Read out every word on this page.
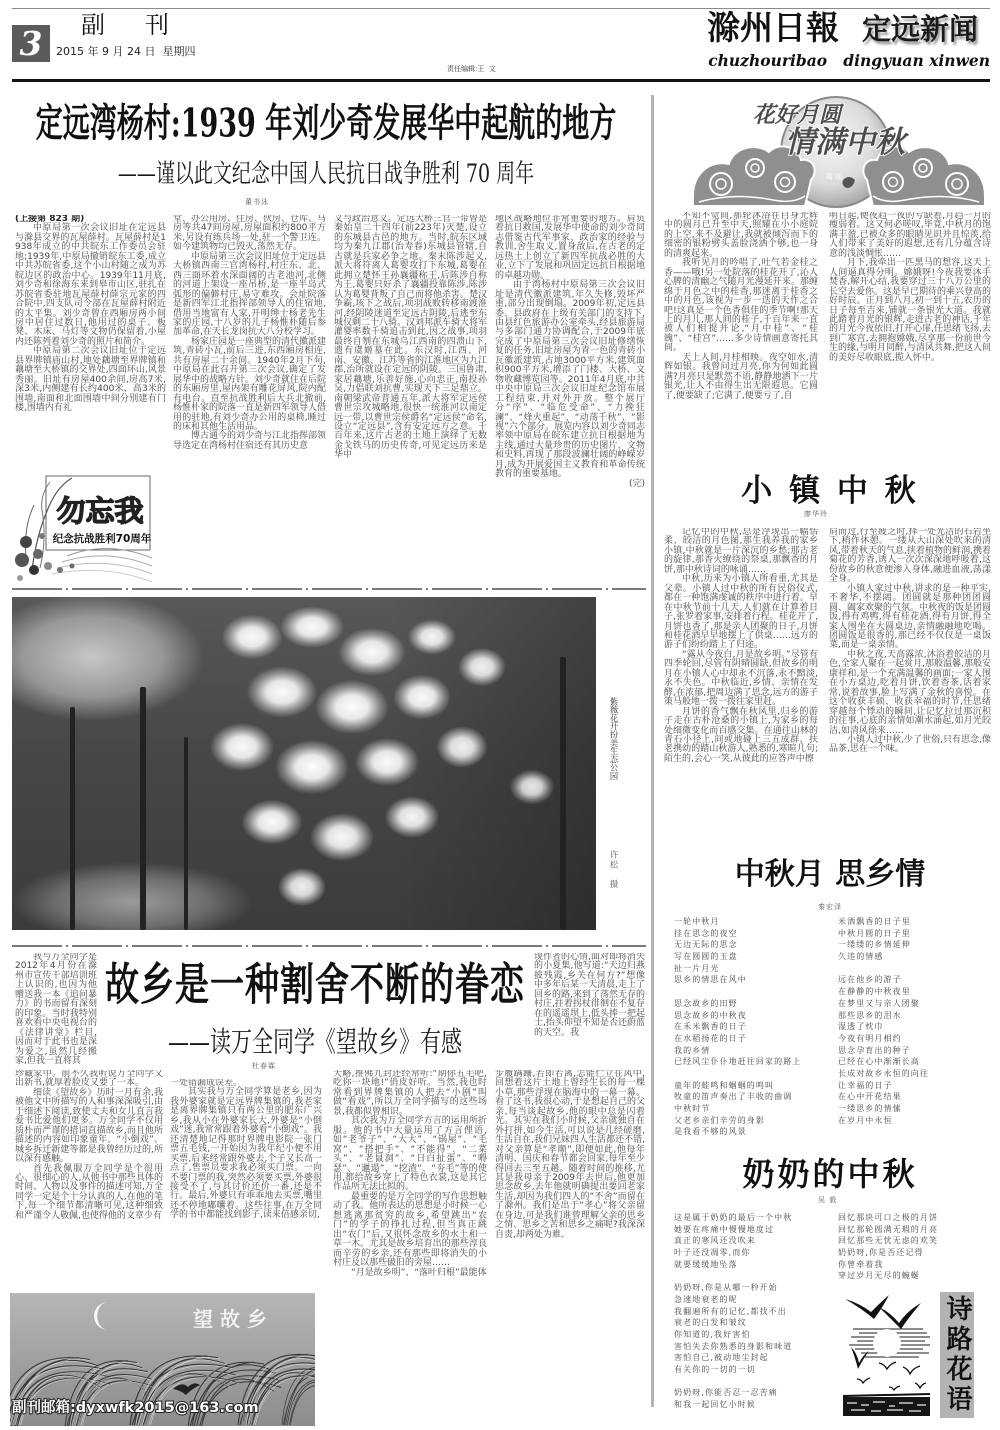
3	副刊
2015 年 9 月 24 日  星期四
责任编辑:王  文
滁州日報 定远新闻
chuzhouribao   dingyuan xinwen
定远湾杨村:1939 年刘少奇发展华中起航的地方
——谨以此文纪念中国人民抗日战争胜利 70 周年
董书泳
(上接第 823 期)

中原局第一次会议旧址在定远县与滁县交界的瓦屋薛村。瓦屋薛村是1938年成立的中共皖东工作委员会驻地;1939年,中原局撤销皖东工委,成立中共苏皖省委,这个小山村随之成为苏皖边区的政治中心。1939年11月底,刘少奇和徐海东来到皋市山区,驻扎在苏皖省委驻地瓦屋薛村薛宗元家的四合院中,四支队司令部在瓦屋薛村附近的太平集。刘少奇曾在西厢房两小间房中居住过数日,他用过的桌子、板凳、木床、马灯等文物仍保留着,小屋内还陈列着刘少奇的照片和简介。

中原局第二次会议旧址位于定远县界牌镇庙山村,地处藕塘至界牌镇和藕塘至大桥镇的交界处,四面环山,风景秀丽。旧址有房屋400余间,房高7米,深3米,内侧建有长约400米、高3米的围墙,南面和北面围墙中间分别建有门楼,围墙内有礼

堂、办公用房、住房、伙房、仓库、马房等共47间房屋,房屋面积约800平方米,另设有练兵场一处,驻一个警卫连。如今建筑物均已毁灭,荡然无存。

中原局第三次会议旧址位于定远县大桥镇西南三官湾杨村,村庄东、北、西三面环着水深面阔的古老池河,北侧的河道上架设一座吊桥,是一座半岛式弧形的偏僻村庄,易守难攻。会址院落是新四军江北指挥部领导人的住宿地,借用当地富有人家,开明绅士杨老先生家的庄园,十八岁的儿子杨惟朴随后参加革命,在天长龙岗抗大八分校学习。

杨家庄园是一座典型的清代徽派建筑,青砖小瓦,前后三进,东西厢房相连,共有房屋二十余间。1940年2月下旬,中原局在此召开第三次会议,确定了发展华中的战略方针。刘少奇就住在后院的东厢房里,屋内架有雕花屏风,院内配有电台。直至抗战胜利后大兵北撤前,杨惟朴家的院落一直是新四军领导人借用的驻地,有刘少奇办公用的桌椅,睡过的床和其他生活用品。

博古通今的刘少奇与江北指挥部领导选定在湾杨村住宿还有其历史意

义与政治意义。定远大桥三官一带曾是秦始皇二十四年(前223年)灭楚,设立的东城县古邑的地方。当时,皖东区域均为秦九江郡(治寿春)东城县管辖,自古就是兵家必争之地。秦末陈涉起义,派大将符离人葛婴攻打下东城,葛婴在此拥立楚怀王孙襄疆称王,后陈涉自称为王,葛婴只好杀了襄疆投靠陈涉,陈涉认为葛婴背叛了自己而将他杀害。楚汉争霸,垓下之战后,项羽战败转移南渡淮河,经阴陵迷道至定远古阴陵,后逃至东城仅剩二十八骑。汉刘邦派车骑大将军灌婴率数千骑追击到此,因之战事,项羽最终自刎在东城乌江西南的四溃山下,遗有虞姬墓在此。东汉时,江西、河南、安徽、江苏等省的江淮地区为九江郡,治所就设在定远的阴陵。三国鲁肃,家居藕塘,乐善好施,心向忠正,南投孙吴,力倡联刘抗曹,实现天下三足鼎立。南朝梁武帝普通五年,派大将军定远侯曹世宗攻城略地,很快一统淮河以南定远一带,以曹世宗侯爵名“定远侯”命名,设立“定远县”,含有安定远方之意。千百年来,这片古老的土地上演绎了无数金戈铁马的历史传奇,可见定远历来是华中

地区战略地位非常重要的地方。肩负着抗日救国,发展华中使命的刘少奇同志借鉴古代军事家、政治家的经验与教训,舍生取义,置身敌后,在古老的定远热土上创立了新四军抗战必胜的大业,立下了发展和巩固定远抗日根据地的卓越功勋。

由于湾杨村中原局第三次会议旧址是清代徽派建筑,年久失修,毁坏严重,部分出现倒塌。2009年初,定远县委、县政府在上级有关部门的支持下,由县红色旅游办公室牵头,经县旅游局与多部门通力协调配合,于2009年底完成了中原局第三次会议旧址修缮恢复的任务,旧址房屋为青一色的青砖小瓦徽派建筑,占地3000平方米,建筑面积900平方米,增添了门楼、大桥、文物收藏博览园等。2011年4月底,中共中央中原局三次会议旧址纪念馆布展工程结束,并对外开放。整个展厅分“序”、“临危受命”、“力挽狂澜”、“烽火重起”、“动荡千秋”、“影视”六个部分。展览内容以刘少奇同志率领中原局在皖东建立抗日根据地为主线,通过大量珍贵的历史图片、文物和史料,再现了那段波澜壮阔的峥嵘岁月,成为开展爱国主义教育和革命传统教育的重要基地。

(完)
勿忘我
纪念抗战胜利70周年
紫薇花开扮美生态公园
许松  摄

我与万全同学是2012年4月份在滁州市宣传干部培训班上认识的,也因为他赠送我一本《追问暴力》的书而留有深刻的印象。当时我特别喜欢看中央电视台的《法律讲堂》栏目,因而对于此书也是深为爱之,虽然几经搬家,但我一直将其

故乡是一种割舍不断的眷恋
——读万全同学《望故乡》有感
杜春霖

现作者的心情,面对即将消失的小夏集,他写道:“天边归燕披残霞,乡关在何方?”想像中多年后某一天清晨,走上了回乡的路,来到了荡然无存的村庄,拄着拐杖徘徊在不复存在的遥遥坝上,低头捧一把起土,抬头仰望不知是否还蔚蓝的天空。我

珍藏家中。前不久我听说万全同学又出新书,就厚着脸皮又要了一本。

细读《望故乡》历时一月有余,我被他文中所描写的人和事深深吸引,由于细述下阅读,致使丈夫和女儿直言我爱书比爱他们更多。万全同学不仅用质朴而严谨的措词直描故乡,而且他所描述的内容如印象童年、“小倒戏”、城乡拆迁新建等都是我曾经历过的,所以深有感触。

首先我佩服万全同学是个很用心、很细心的人,从他书中那些具体的时间、人物以及事件的描述可知,万全同学一定是个十分认真的人,在他的笔下,每一个细节都清晰可见,这种细致和严谨令人敬佩,也使得他的文章少有

一处错漏成误差。

其实我与万全同学算是老乡,因为我外婆家就是定远界牌集镇的,我老家是离界牌集镇只有两公里的肥东广兴乡,我从小在外婆家长大,外婆是“小倒戏”迷,我常常跟着外婆看“小倒戏”。我还清楚地记得那时界牌电影院一张门票五毛钱,一开始因为我年纪小便不用买票,后来经常跟外婆去,个子又长高一点了,售票员要求我必须买门票。一向不要门票的我,突然必须要买票,外婆很接受不了,与其讨价还价一番,还是不行。最后,外婆只有乖乖地去买票,嘴里还不停地嘟囔着。这些往事,在万全同学的书中都能找到影子,读来倍感亲切,

天略,推佛九封还经常听:“期你五毛吧,吃你一块地!”俏皮好听。当然,我也时常看到界牌集镇的人把去“小剧”叫做“看戏”,所以万全同学描写的这些场景,我都似曾相识。

其次我为万全同学方言的运用所折服。他的书中大量运用了方言俚语,如“老爷子”、“大大”、“锅屋”、“毛窝”、“搭把手”、“不能得”、“二菜头”、“老鼠洞”、“日白扯蛋”、“嘚瑟”、“邋遢”、“挖渣”、“夯毛”等的使用,都给故乡穿上了特色衣裳,这是其它作品所无法比拟的。

最重要的是万全同学的写作思想触动了我。他所表达的思想是小时候一心想逃离那贫穷的故乡,希望跳出“农门”的学子的挣扎过程,但当真正跳出“农门”后,又很怀念故乡的水土和一草一木。尤其是故乡培育出的那些淳良而辛劳的乡亲,还有那些即将消失的小村庄及以那些破旧的旁屋……

“月是故乡明”、“落叶归根”最能体

步履蹒跚,若即若离,怎能伫立在风中,回想着这片土地上曾经生长的每一棵小草,那些浮现在脑海中的一幕一幕。看了这书,我很心动,于是想起自己的父亲,每当谈起故乡,他的眼中总是闪着光。其实在我们小时候,父亲就独自在外打拼,如今生活,可以说是几经磋磨,生活自在,我们兄妹四人生活都还不错,对父亲算是“孝顺”,即便如此,他每年清明、国庆和春节都会回家,每年至少得回去三至五趟。随着时间的推移,尤其是我母亲于2009年去世后,他更加思念故乡,去年他就明确提出要回老家生活,却因为我们四人的“不舍”而留在了滁州。我们是出于“孝心”将父亲留在身边,可是我们谁曾理解父亲的思乡之情、思乡之苦和思乡之痛呢?我深深自责,却两处为难。

望 故 乡
副刊邮箱:dyxwfk2015@163.com
花好月圆
情满中秋
周 瑶

不知不觉间,那轮沐浴在自身光辉中的圆月已升至中天,照耀在小小庭院的上空,来不及避让,我就被倾泻而下的细密的银粉劈头盖脸浇洒个够,也一身的清爽起来。

我听见月的吟唱了,吐气若金桂之香——哦!另一处院落的桂花开了,沁人心脾的清幽之气随月光漫延开来。那缠绵于月色之中的桂香,那迷离于桂香之中的月色,该视为一步一迭的天作之合吧!这真是一个色香俱佳的季节啊!那天上的月儿,那人间的桂子,千百年来一直被人们相提并论,“月中桂”、“桂魄”、“桂宫”……多少诗情画意寄托其间。

天上人间,月桂相映。夜空如水,清辉如银。我曾问过月亮,你为何如此圆满?月亮只是默然不语,静静地洒下一片银光,让人不由得生出无限遐思。它圆了,便要缺了;它满了,便要亏了,自

明日起,便夜趋一夜的亏缺着,月趋一月的瘦弱着。这又何必嗟叹,毕竟,中秋月的饱满丰盈,已被众多的眼睛见识并且惊羡,给人们带来了美好的遐想,还有几分蕴含诗意的浅淡惆怅……

月下,我牵出一匹黑马的想容,这天上人间逼真得分明。嫦娥呀!今夜我要沐手焚香,解开心结,我要穿过三十八万公里的长空去爱你。这是早已期待的乘兴登高的好时辰。正月到八月,初一到十五,农历的日子每至吉来,铺就一条银光大道。我就此踏着月光的银辉,走进古老的神话,千年的月光今夜依旧,打开心扉,任思绪飞扬,去到广寒宫,去拥抱嫦娥,尽享那一份前世今生的缘,与明月同醉,与清风共舞,把这人间的美好尽收眼底,揽入怀中。

小 镇 中 秋
廖华玲

记忆中的中秋,总是浮现出一幅恬柔、皎洁的月色图,那生我养我的家乡小镇,中秋就是一片深沉的乡愁;那古老的旋律,那香火缭绕的祭桌,那飘香的月饼,那中秋诗词的咏诵……

中秋,历来为小镇人所看重,尤其是父辈。小镇人过中秋的所有民俗仪式,都在一种饱满虔诚的秩序中进行着。早在中秋节前十几天,人们就在计算着日子,张罗着家事,安排着行程。桂花开了,月饼也香了,那是亲人团聚的日子,月饼和桂花酒早早地摆上了供桌……远方的游子们纷纷踏上了归途。

“露从今夜白,月是故乡明。”尽管有四季轮回,尽管有阴晴圆缺,但故乡的明月在小镇人心中却永不沉落,永不黯淡,永不失色。中秋临近,乡情、亲情在发酵,在浓郁,把周边满了思念,远方的游子策马般地一拨一拨往家里赶。

月饼的香气飘在秋风里,归乡的游子走在古朴沧桑的小镇上,为家乡的每处细微变化而百感交集。在通往山林的青石小径上,间或地碰上三五成群、扶老携幼的踏山秋游人,熟悉的,寒暄几句;陌生的,会心一笑,从彼此的应答声中擦

肩而过,行至疲乏时,择一处光洁的石岩坐下,稍作休憩。一缕从大山深处吹来的清风,带着秋天的气息,挟着植物的鲜润,携着菊花的芳香,诱人一次次深深地呼吸着,这份故乡的秋意便渗入身体,融进血液,荡漾全身。

小镇人家过中秋,讲求的是一种平实,不奢华,不摆阔。团圆就是那种团团圆圆、阖家欢聚的气氛。中秋夜的饭是团圆饭,得有鸡鸭,得有桂花酒,得有月饼,得全家人围坐在大圆桌边,亲情融融地吃喝。团圆饭是很香的,那已经不仅仅是一桌饭菜,而是一桌亲情。

中秋之夜,天高露浓,沐浴着皎洁的月色,全家人聚在一起赏月,那般温馨,那般安康祥和,是一个充满温馨的画面;一家人围在小方桌边,吃着月饼,饮着香茶,话着家常,说着故事,脸上写满了金秋的喜悦。在这个收获丰硕、收获幸福的时节,任思绪穿越每个悸动的瞬间,让记忆拉过那沉积的往事,心底的亲情如潮水涌起,如月光皎洁,如清风徐来……

小镇人过中秋,少了世俗,只有思念,像品茶,思在一个味。

中秋月 思乡情
秦宏泽
一轮中秋月
挂在思念的夜空
无边无际的思念
写在圆圆的玉盘
扯一片月光
思乡的情思在风中
思念故乡的田野
思念故乡的中秋夜
在禾米飘香的日子
在水稻扬花的日子
我的乡情
已经风尘仆仆地赶往回家的路上
童年的蛙鸣和蝈蝈的鸣叫
牧童的笛声奏出了丰收的曲调
中秋时节
父老乡亲们辛劳的身影
是我看不够的风景
米酒飘香的日子里
中秋月圆的日子里
一缕缕的乡情延伸
久违的情感
远在他乡的游子
在静静的中秋夜里
在梦里又与亲人团聚
那些思乡的泪水
湿透了枕巾
今夜有明月相约
思念孕育出的种子
已经在心中渐渐长高
长成对故乡永恒的向往
让幸福的日子
在心中开花结果
一缕思乡的情愫
在岁月中永恒
奶奶的中秋
吴 毅
这是属于奶奶的最后一个中秋
她要在疼痛中慢慢地度过
真正的寒风还没吹来
叶子还没凋零,而你
就要缓缓地坠落
奶奶呀,你是从哪一秒开始
急速地衰老的呢
我翻遍所有的记忆,都找不出
衰老的白发和皱纹
你知道的,我好害怕
害怕失去你熟悉的身影和味道
害怕自己,被动地尘封起
有关你的一切的一切
奶奶呀,你能否忍一忍苦痛
和我一起回忆小时候
回忆那块可口之极的月饼
回忆那轮圆满无瑕的月亮
回忆那些无忧无虑的欢笑
奶奶呀,你是否还记得
你曾牵着我
穿过岁月无尽的蜿蜒
诗路花语
